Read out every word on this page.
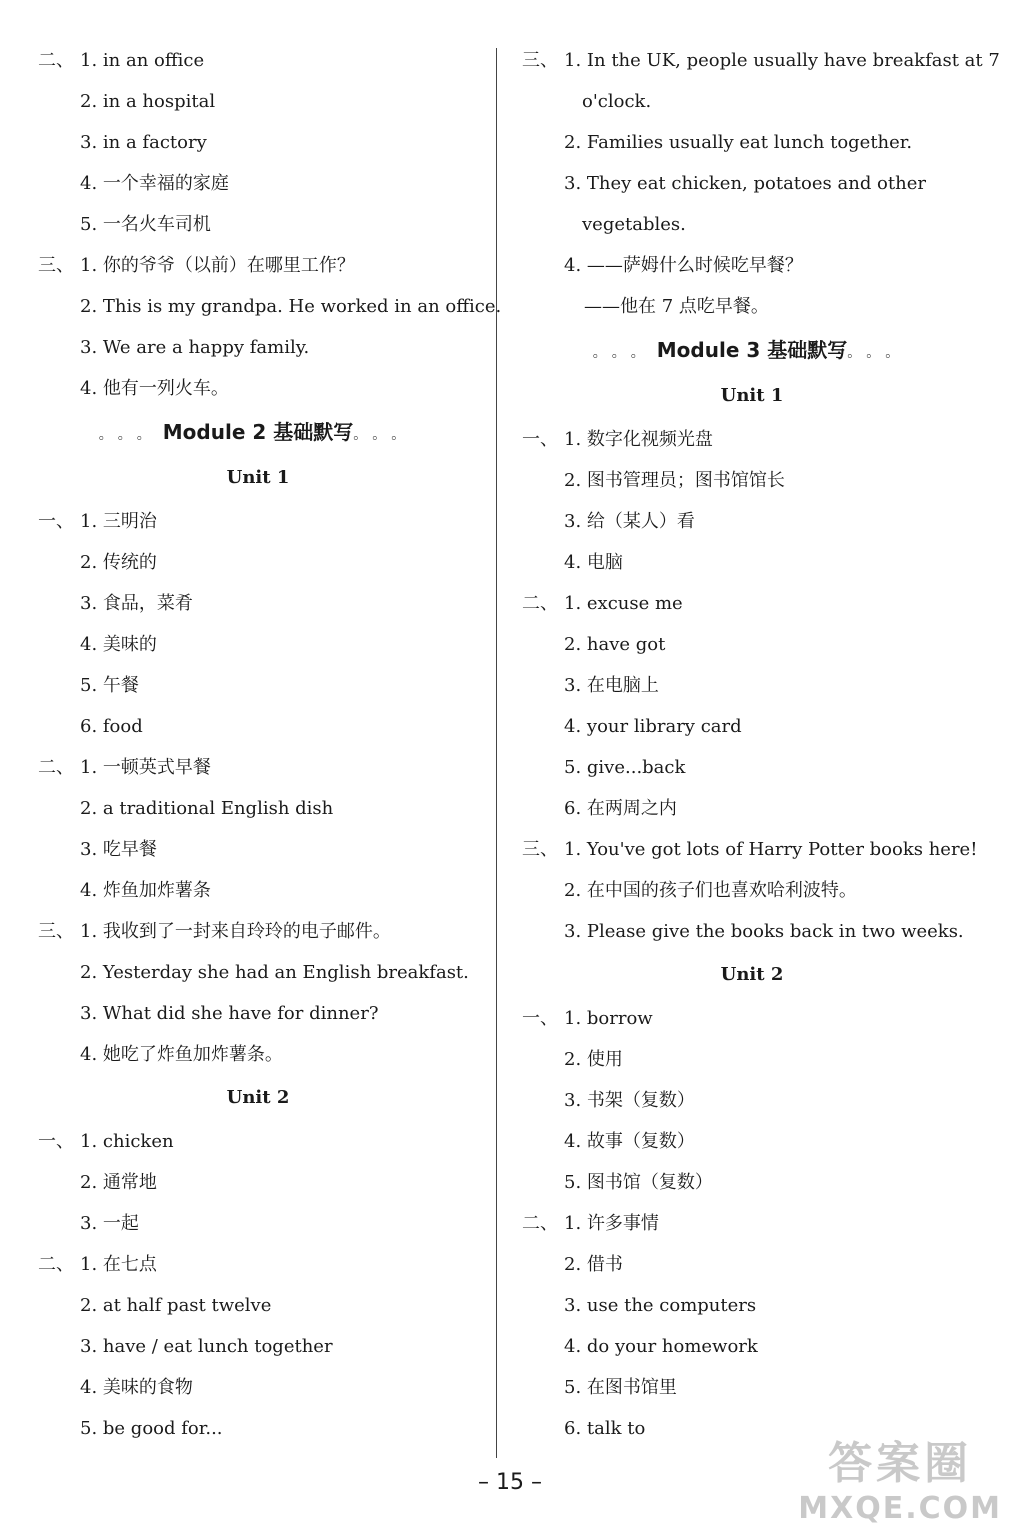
二、 1. in an office
2. in a hospital
3. in a factory
4. 一个幸福的家庭
5. 一名火车司机
三、 1. 你的爷爷（以前）在哪里工作？
2. This is my grandpa. He worked in an office.
3. We are a happy family.
4. 他有一列火车。
。。。Module 2 基础默写。。。
Unit 1
一、 1. 三明治
2. 传统的
3. 食品，菜肴
4. 美味的
5. 午餐
6. food
二、 1. 一顿英式早餐
2. a traditional English dish
3. 吃早餐
4. 炸鱼加炸薯条
三、 1. 我收到了一封来自玲玲的电子邮件。
2. Yesterday she had an English breakfast.
3. What did she have for dinner?
4. 她吃了炸鱼加炸薯条。
Unit 2
一、 1. chicken
2. 通常地
3. 一起
二、 1. 在七点
2. at half past twelve
3. have / eat lunch together
4. 美味的食物
5. be good for...
三、 1. In the UK, people usually have breakfast at 7
o'clock.
2. Families usually eat lunch together.
3. They eat chicken, potatoes and other
vegetables.
4. ——萨姆什么时候吃早餐？
——他在 7 点吃早餐。
。。。Module 3 基础默写。。。
Unit 1
一、 1. 数字化视频光盘
2. 图书管理员；图书馆馆长
3. 给（某人）看
4. 电脑
二、 1. excuse me
2. have got
3. 在电脑上
4. your library card
5. give...back
6. 在两周之内
三、 1. You've got lots of Harry Potter books here!
2. 在中国的孩子们也喜欢哈利波特。
3. Please give the books back in two weeks.
Unit 2
一、 1. borrow
2. 使用
3. 书架（复数）
4. 故事（复数）
5. 图书馆（复数）
二、 1. 许多事情
2. 借书
3. use the computers
4. do your homework
5. 在图书馆里
6. talk to
– 15 –	答案圈
MXQE.COM
